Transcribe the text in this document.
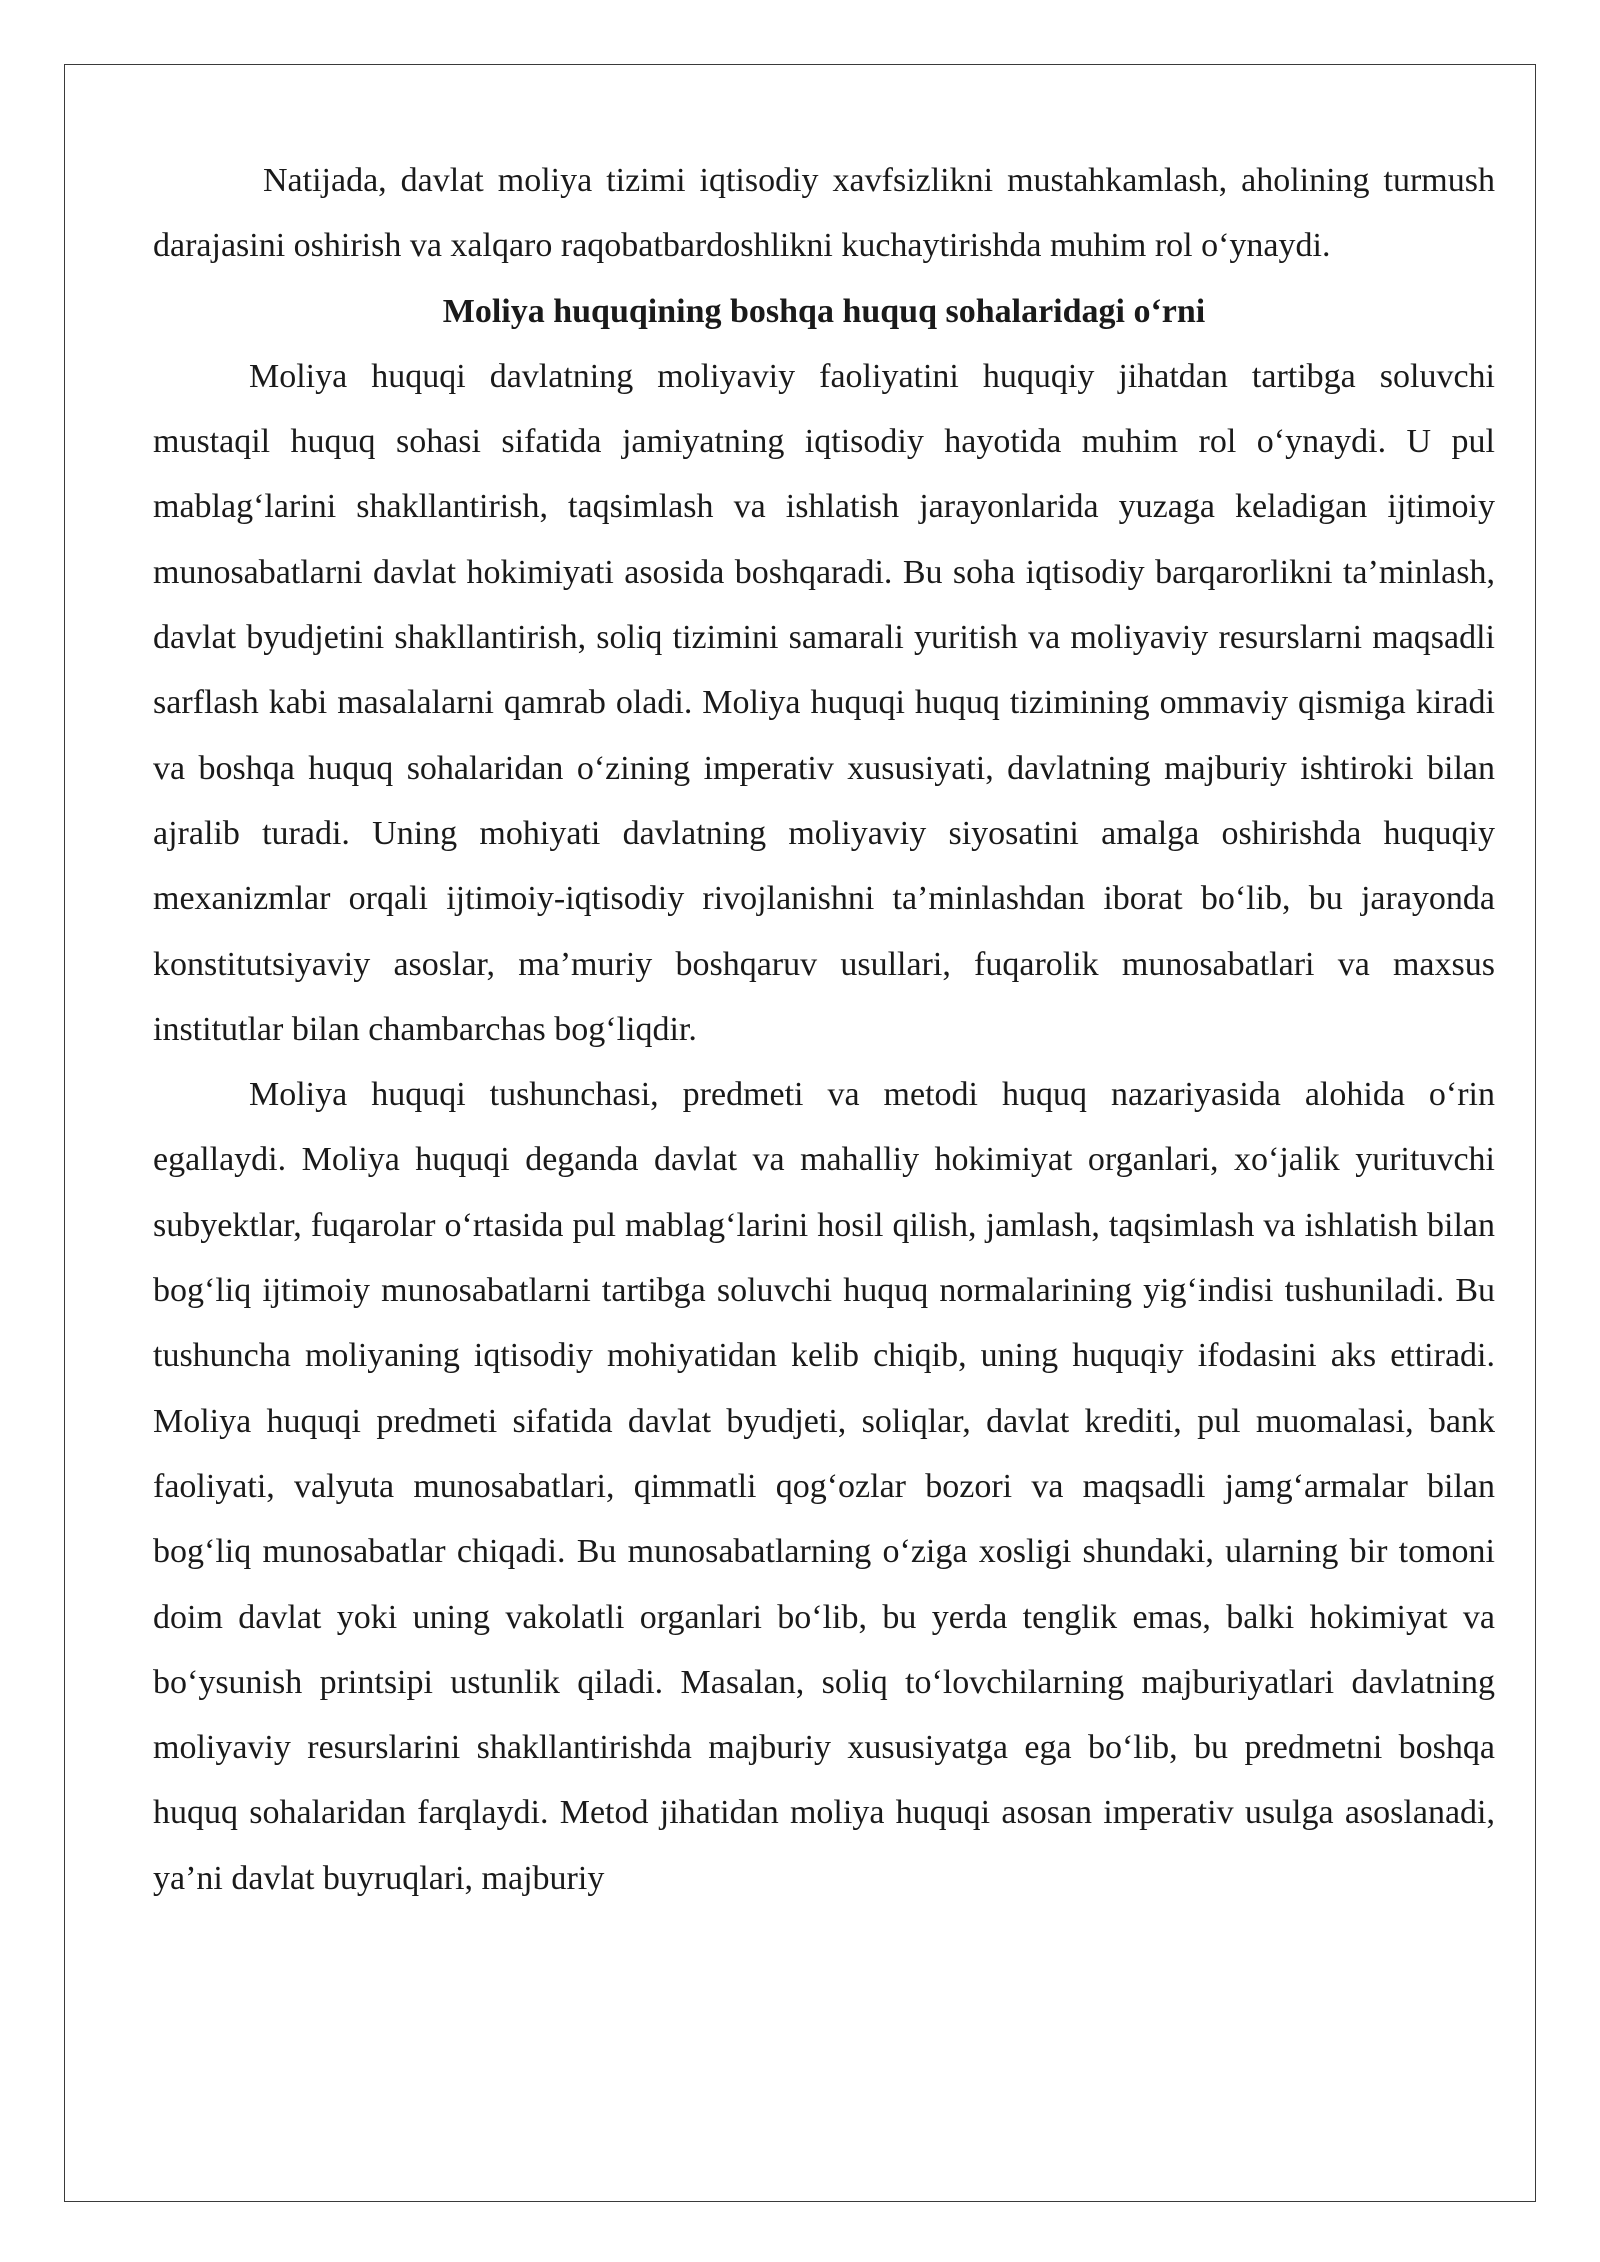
Natijada, davlat moliya tizimi iqtisodiy xavfsizlikni mustahkamlash, aholining turmush darajasini oshirish va xalqaro raqobatbardoshlikni kuchaytirishda muhim rol o‘ynaydi.

Moliya huquqining boshqa huquq sohalaridagi o‘rni

Moliya huquqi davlatning moliyaviy faoliyatini huquqiy jihatdan tartibga soluvchi mustaqil huquq sohasi sifatida jamiyatning iqtisodiy hayotida muhim rol o‘ynaydi. U pul mablag‘larini shakllantirish, taqsimlash va ishlatish jarayonlarida yuzaga keladigan ijtimoiy munosabatlarni davlat hokimiyati asosida boshqaradi. Bu soha iqtisodiy barqarorlikni ta’minlash, davlat byudjetini shakllantirish, soliq tizimini samarali yuritish va moliyaviy resurslarni maqsadli sarflash kabi masalalarni qamrab oladi. Moliya huquqi huquq tizimining ommaviy qismiga kiradi va boshqa huquq sohalaridan o‘zining imperativ xususiyati, davlatning majburiy ishtiroki bilan ajralib turadi. Uning mohiyati davlatning moliyaviy siyosatini amalga oshirishda huquqiy mexanizmlar orqali ijtimoiy-iqtisodiy rivojlanishni ta’minlashdan iborat bo‘lib, bu jarayonda konstitutsiyaviy asoslar, ma’muriy boshqaruv usullari, fuqarolik munosabatlari va maxsus institutlar bilan chambarchas bog‘liqdir.

Moliya huquqi tushunchasi, predmeti va metodi huquq nazariyasida alohida o‘rin egallaydi. Moliya huquqi deganda davlat va mahalliy hokimiyat organlari, xo‘jalik yurituvchi subyektlar, fuqarolar o‘rtasida pul mablag‘larini hosil qilish, jamlash, taqsimlash va ishlatish bilan bog‘liq ijtimoiy munosabatlarni tartibga soluvchi huquq normalarining yig‘indisi tushuniladi. Bu tushuncha moliyaning iqtisodiy mohiyatidan kelib chiqib, uning huquqiy ifodasini aks ettiradi. Moliya huquqi predmeti sifatida davlat byudjeti, soliqlar, davlat krediti, pul muomalasi, bank faoliyati, valyuta munosabatlari, qimmatli qog‘ozlar bozori va maqsadli jamg‘armalar bilan bog‘liq munosabatlar chiqadi. Bu munosabatlarning o‘ziga xosligi shundaki, ularning bir tomoni doim davlat yoki uning vakolatli organlari bo‘lib, bu yerda tenglik emas, balki hokimiyat va bo‘ysunish printsipi ustunlik qiladi. Masalan, soliq to‘lovchilarning majburiyatlari davlatning moliyaviy resurslarini shakllantirishda majburiy xususiyatga ega bo‘lib, bu predmetni boshqa huquq sohalaridan farqlaydi. Metod jihatidan moliya huquqi asosan imperativ usulga asoslanadi, ya’ni davlat buyruqlari, majburiy
